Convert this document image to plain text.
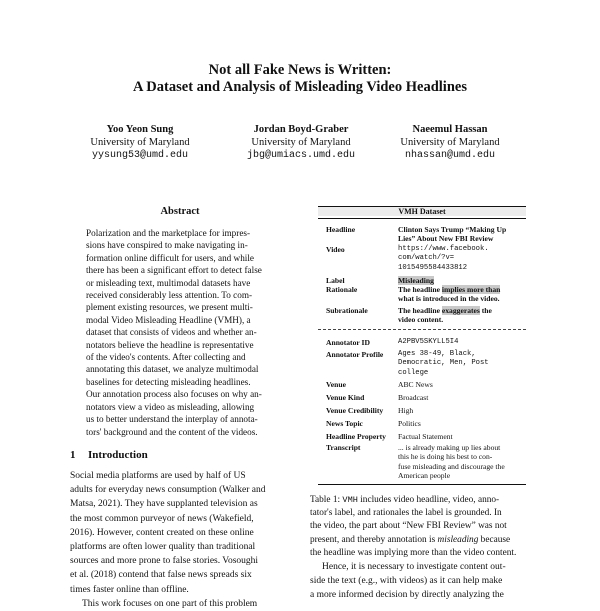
Not all Fake News is Written:
A Dataset and Analysis of Misleading Video Headlines
Yoo Yeon Sung
University of Maryland
yysung53@umd.edu
Jordan Boyd-Graber
University of Maryland
jbg@umiacs.umd.edu
Naeemul Hassan
University of Maryland
nhassan@umd.edu
Abstract
Polarization and the marketplace for impres-
sions have conspired to make navigating in-
formation online difficult for users, and while
there has been a significant effort to detect false
or misleading text, multimodal datasets have
received considerably less attention. To com-
plement existing resources, we present multi-
modal Video Misleading Headline (VMH), a
dataset that consists of videos and whether an-
notators believe the headline is representative
of the video's contents. After collecting and
annotating this dataset, we analyze multimodal
baselines for detecting misleading headlines.
Our annotation process also focuses on why an-
notators view a video as misleading, allowing
us to better understand the interplay of annota-
tors' background and the content of the videos.
1 Introduction
Social media platforms are used by half of US
adults for everyday news consumption (Walker and
Matsa, 2021). They have supplanted television as
the most common purveyor of news (Wakefield,
2016). However, content created on these online
platforms are often lower quality than traditional
sources and more prone to false stories. Vosoughi
et al. (2018) contend that false news spreads six
times faster online than offline.
This work focuses on one part of this problem
VMH Dataset
Headline	Clinton Says Trump “Making Up Lies” About New FBI Review
Video	https://www.facebook.
com/watch/?v=
1015495584433812
Label	Misleading
Rationale	The headline implies more than
what is introduced in the video.
Subrationale	The headline exaggerates the
video content.
Annotator ID	A2PBV5SKYLL5I4
Annotator Profile Ages 38-49, Black,
Democratic, Men, Post
college
Venue	ABC News
Venue Kind	Broadcast
Venue Credibility High
News Topic	Politics
Headline Property Factual Statement
Transcript	... is already making up lies about
this he is doing his best to con-
fuse misleading and discourage the
American people
Table 1: VMH includes video headline, video, anno-
tator's label, and rationales the label is grounded. In
the video, the part about “New FBI Review” was not
present, and thereby annotation is misleading because
the headline was implying more than the video content.
Hence, it is necessary to investigate content out-
side the text (e.g., with videos) as it can help make
a more informed decision by directly analyzing the
